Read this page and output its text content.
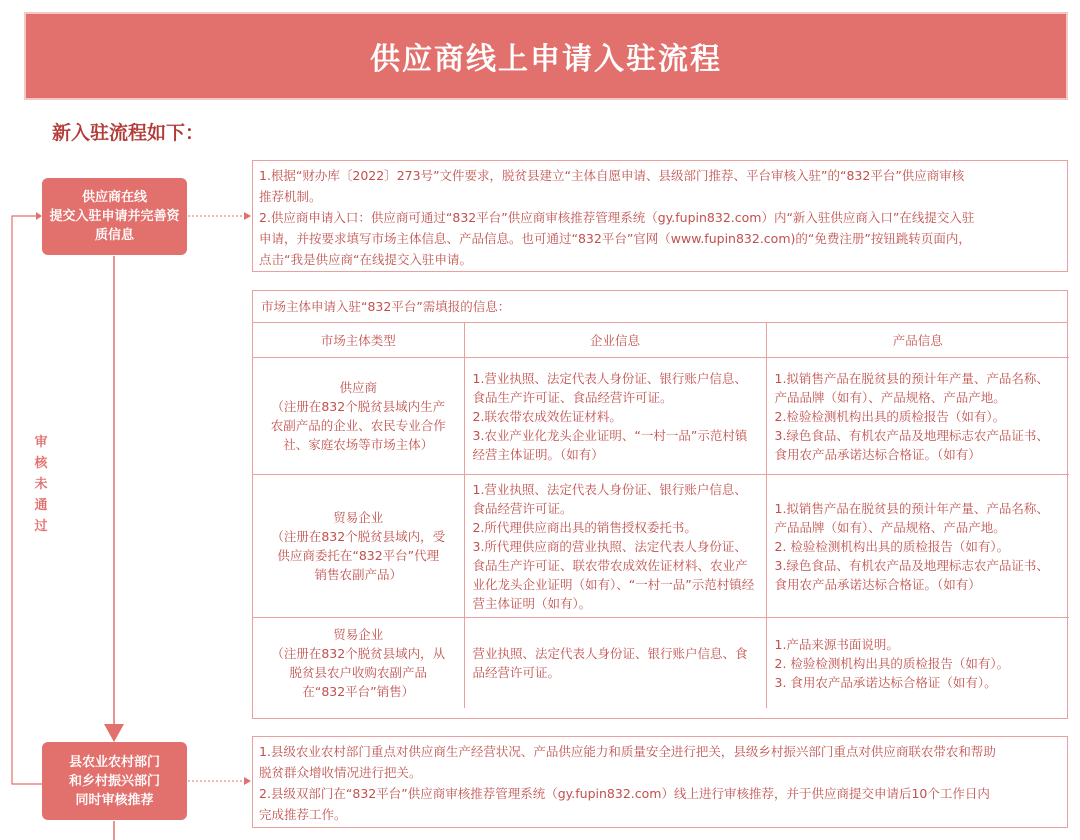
供应商线上申请入驻流程
新入驻流程如下：
审核未通过
供应商在线
提交入驻申请并完善资
质信息
县农业农村部门
和乡村振兴部门
同时审核推荐
1.根据“财办库〔2022〕273号”文件要求，脱贫县建立“主体自愿申请、县级部门推荐、平台审核入驻”的“832平台”供应商审核
推荐机制。
2.供应商申请入口：供应商可通过“832平台”供应商审核推荐管理系统（gy.fupin832.com）内“新入驻供应商入口”在线提交入驻
申请，并按要求填写市场主体信息、产品信息。也可通过“832平台”官网（www.fupin832.com)的“免费注册”按钮跳转页面内，
点击“我是供应商“在线提交入驻申请。
市场主体申请入驻“832平台”需填报的信息：
市场主体类型	企业信息	产品信息
供应商
（注册在832个脱贫县域内生产
农副产品的企业、农民专业合作
社、家庭农场等市场主体）	1.营业执照、法定代表人身份证、银行账户信息、食品生产许可证、食品经营许可证。
2.联农带农成效佐证材料。
3.农业产业化龙头企业证明、“一村一品”示范村镇经营主体证明。（如有）	1.拟销售产品在脱贫县的预计年产量、产品名称、产品品牌（如有）、产品规格、产品产地。
2.检验检测机构出具的质检报告（如有）。
3.绿色食品、有机农产品及地理标志农产品证书、食用农产品承诺达标合格证。（如有）

贸易企业
（注册在832个脱贫县域内，受
供应商委托在“832平台”代理
销售农副产品）	1.营业执照、法定代表人身份证、银行账户信息、食品经营许可证。
2.所代理供应商出具的销售授权委托书。
3.所代理供应商的营业执照、法定代表人身份证、食品生产许可证、联农带农成效佐证材料、农业产业化龙头企业证明（如有）、“一村一品”示范村镇经营主体证明（如有）。	1.拟销售产品在脱贫县的预计年产量、产品名称、产品品牌（如有）、产品规格、产品产地。
2. 检验检测机构出具的质检报告（如有）。
3.绿色食品、有机农产品及地理标志农产品证书、食用农产品承诺达标合格证。（如有）

贸易企业
（注册在832个脱贫县域内，从
脱贫县农户收购农副产品
在“832平台”销售）	营业执照、法定代表人身份证、银行账户信息、食品经营许可证。	1.产品来源书面说明。
2. 检验检测机构出具的质检报告（如有）。
3. 食用农产品承诺达标合格证（如有）。
1.县级农业农村部门重点对供应商生产经营状况、产品供应能力和质量安全进行把关，县级乡村振兴部门重点对供应商联农带农和帮助
脱贫群众增收情况进行把关。
2.县级双部门在“832平台”供应商审核推荐管理系统（gy.fupin832.com）线上进行审核推荐，并于供应商提交申请后10个工作日内
完成推荐工作。
